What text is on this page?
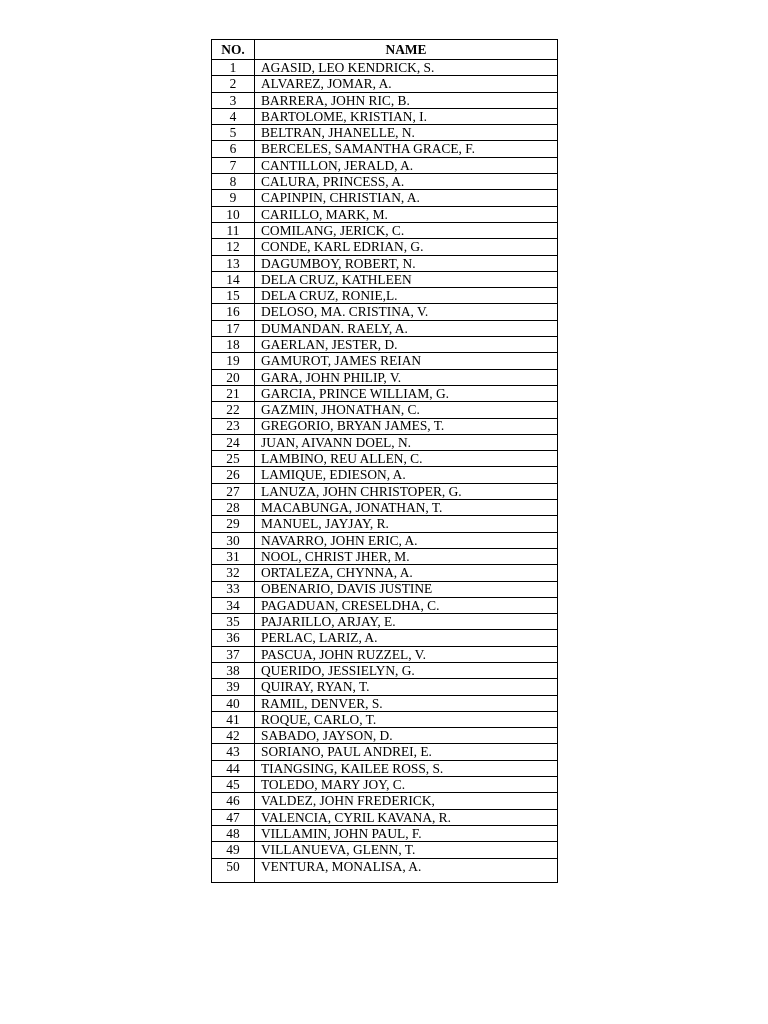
NO.	NAME
1	AGASID, LEO KENDRICK, S.
2	ALVAREZ, JOMAR, A.
3	BARRERA, JOHN RIC, B.
4	BARTOLOME, KRISTIAN, I.
5	BELTRAN, JHANELLE, N.
6	BERCELES, SAMANTHA GRACE, F.
7	CANTILLON, JERALD, A.
8	CALURA, PRINCESS, A.
9	CAPINPIN, CHRISTIAN, A.
10	CARILLO, MARK, M.
11	COMILANG, JERICK, C.
12	CONDE, KARL EDRIAN, G.
13	DAGUMBOY, ROBERT, N.
14	DELA CRUZ, KATHLEEN
15	DELA CRUZ, RONIE,L.
16	DELOSO, MA. CRISTINA, V.
17	DUMANDAN. RAELY, A.
18	GAERLAN, JESTER, D.
19	GAMUROT, JAMES REIAN
20	GARA, JOHN PHILIP, V.
21	GARCIA, PRINCE WILLIAM, G.
22	GAZMIN, JHONATHAN, C.
23	GREGORIO, BRYAN JAMES, T.
24	JUAN, AIVANN DOEL, N.
25	LAMBINO, REU ALLEN, C.
26	LAMIQUE, EDIESON, A.
27	LANUZA, JOHN CHRISTOPER, G.
28	MACABUNGA, JONATHAN, T.
29	MANUEL, JAYJAY, R.
30	NAVARRO, JOHN ERIC, A.
31	NOOL, CHRIST JHER, M.
32	ORTALEZA, CHYNNA, A.
33	OBENARIO, DAVIS JUSTINE
34	PAGADUAN, CRESELDHA, C.
35	PAJARILLO, ARJAY, E.
36	PERLAC, LARIZ, A.
37	PASCUA, JOHN RUZZEL, V.
38	QUERIDO, JESSIELYN, G.
39	QUIRAY, RYAN, T.
40	RAMIL, DENVER, S.
41	ROQUE, CARLO, T.
42	SABADO, JAYSON, D.
43	SORIANO, PAUL ANDREI, E.
44	TIANGSING, KAILEE ROSS, S.
45	TOLEDO, MARY JOY, C.
46	VALDEZ, JOHN FREDERICK,
47	VALENCIA, CYRIL KAVANA, R.
48	VILLAMIN, JOHN PAUL, F.
49	VILLANUEVA, GLENN, T.
50	VENTURA, MONALISA, A.
